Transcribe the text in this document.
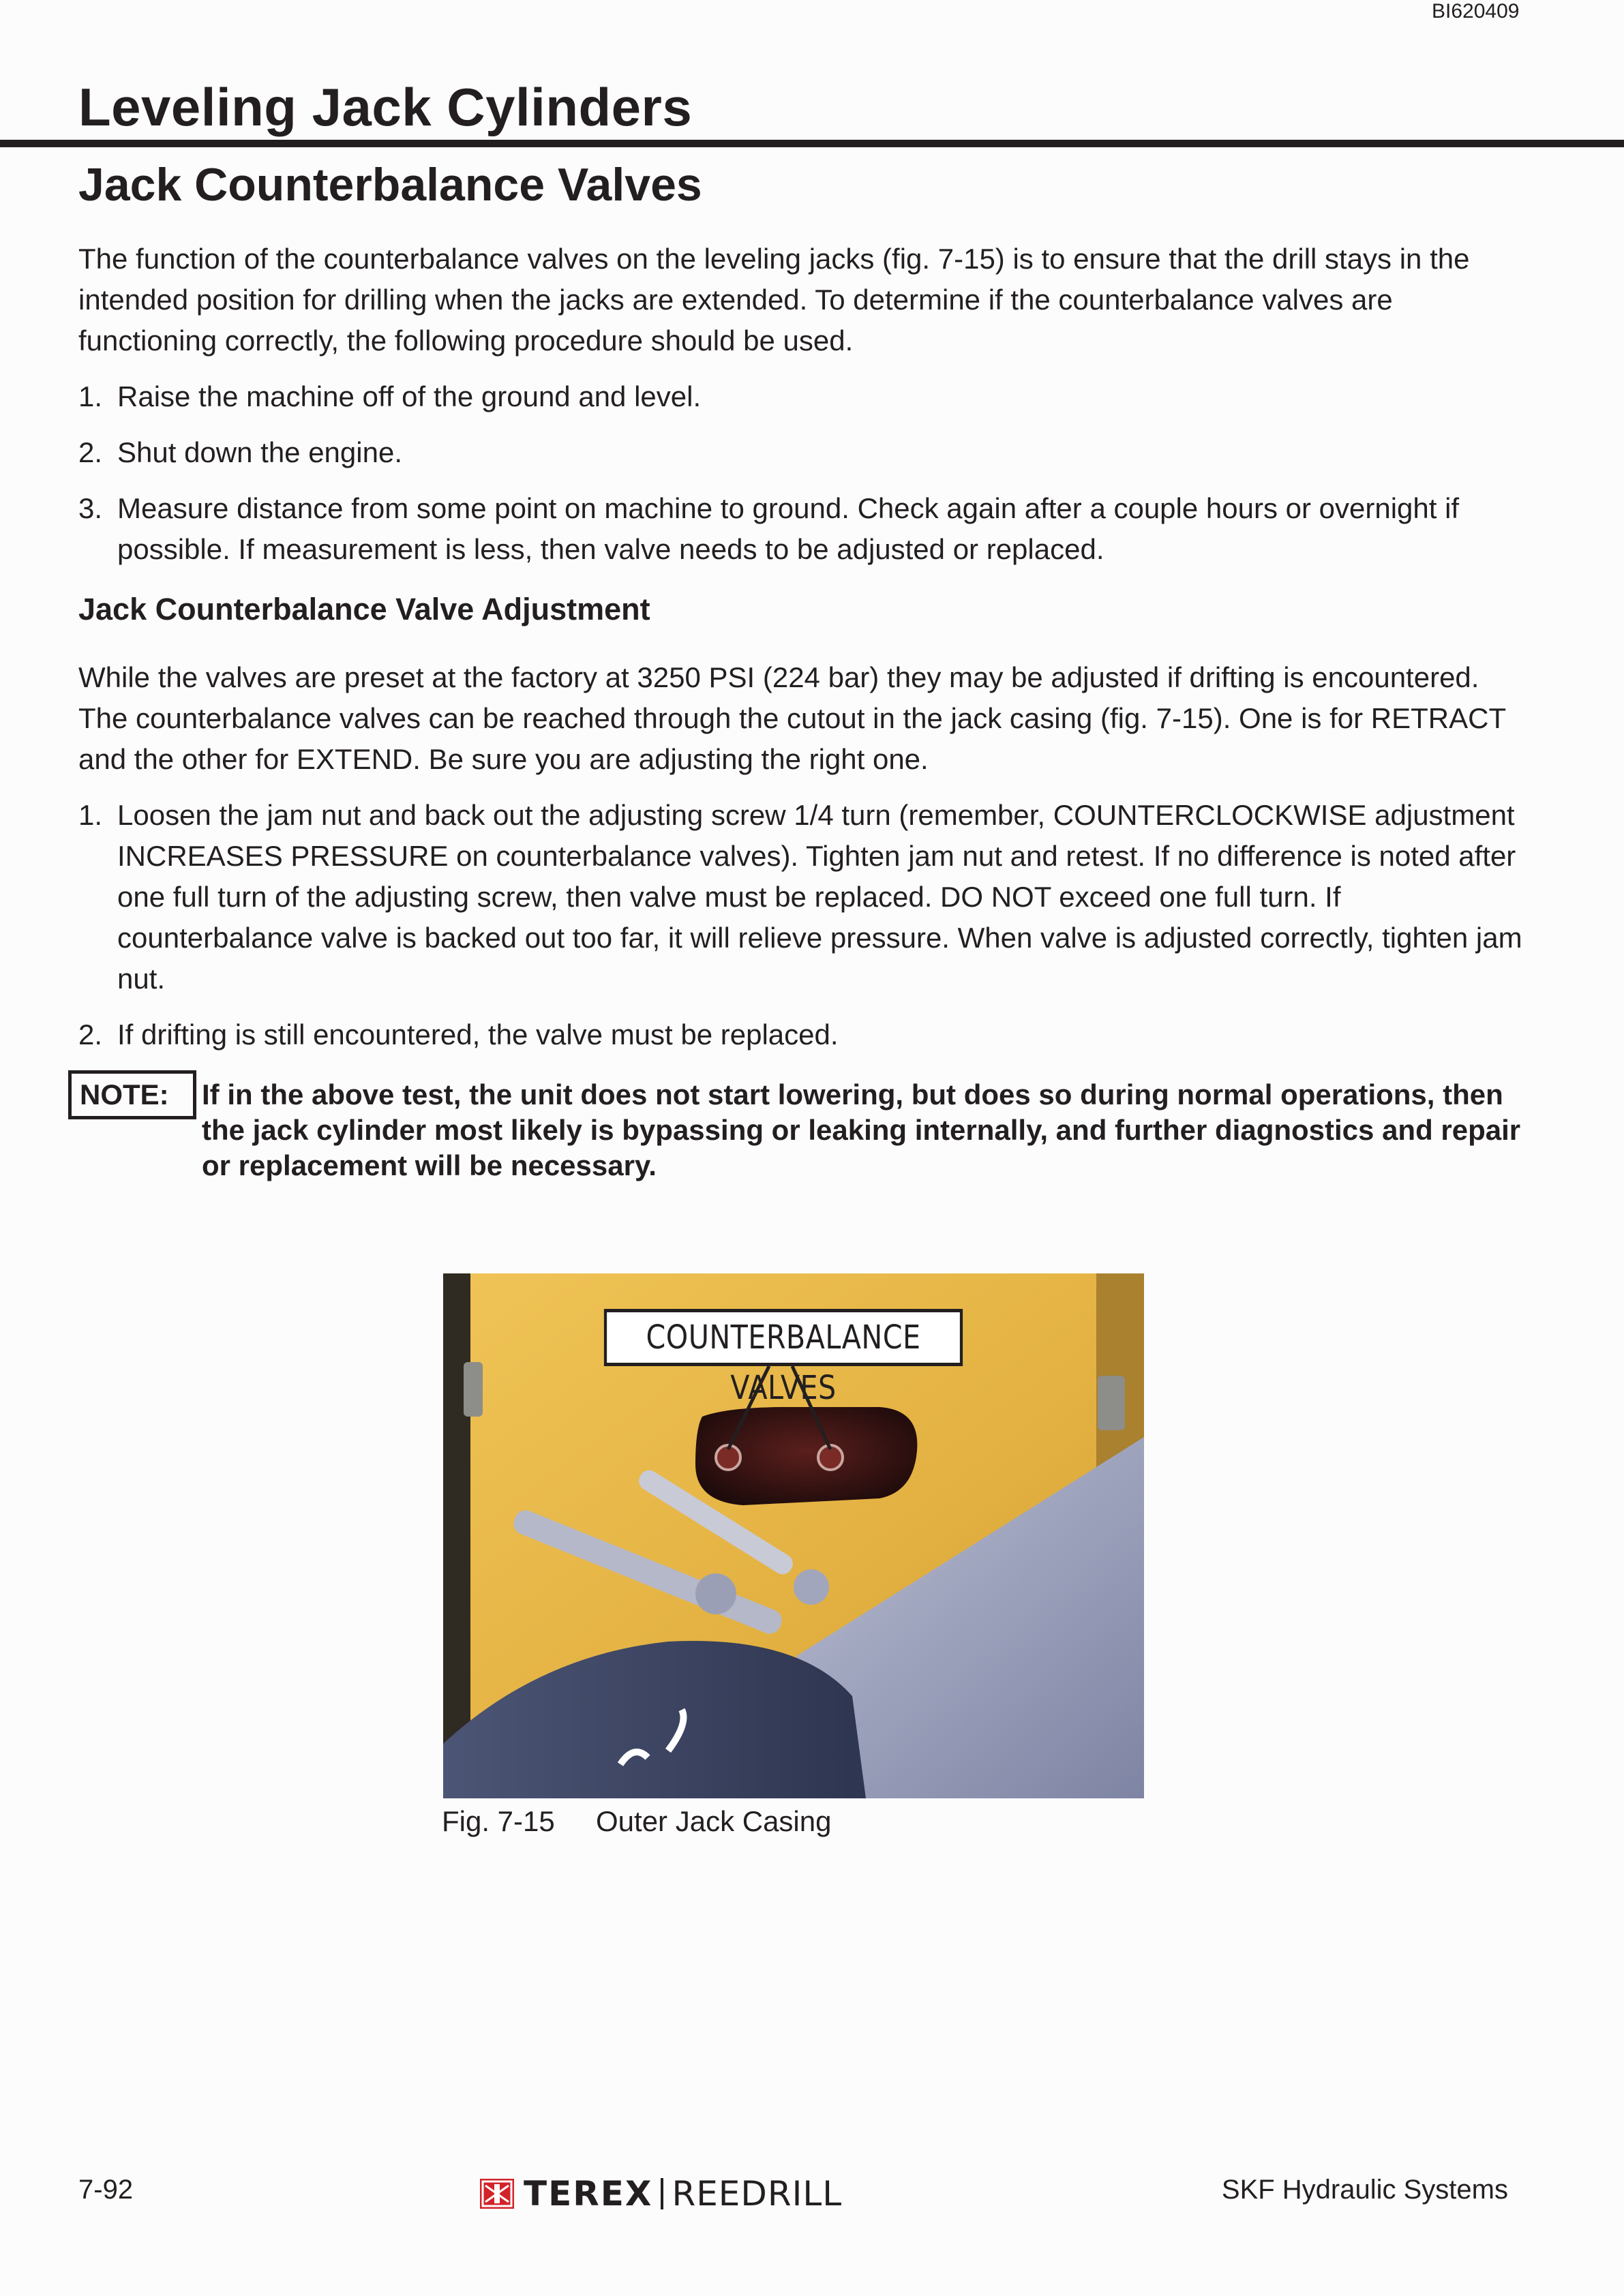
BI620409
Leveling Jack Cylinders
Jack Counterbalance Valves

The function of the counterbalance valves on the leveling jacks (fig. 7-15) is to ensure that the drill stays in the intended position for drilling when the jacks are extended. To determine if the counterbalance valves are functioning correctly, the following procedure should be used.

1. Raise the machine off of the ground and level.
2. Shut down the engine.
3. Measure distance from some point on machine to ground. Check again after a couple hours or overnight if possible. If measurement is less, then valve needs to be adjusted or replaced.
Jack Counterbalance Valve Adjustment

While the valves are preset at the factory at 3250 PSI (224 bar) they may be adjusted if drifting is encountered. The counterbalance valves can be reached through the cutout in the jack casing (fig. 7-15). One is for RETRACT and the other for EXTEND. Be sure you are adjusting the right one.

1. Loosen the jam nut and back out the adjusting screw 1/4 turn (remember, COUNTERCLOCKWISE adjustment INCREASES PRESSURE on counterbalance valves). Tighten jam nut and retest. If no difference is noted after one full turn of the adjusting screw, then valve must be replaced. DO NOT exceed one full turn. If counterbalance valve is backed out too far, it will relieve pressure. When valve is adjusted correctly, tighten jam nut.
2. If drifting is still encountered, the valve must be replaced.
NOTE:	If in the above test, the unit does not start lowering, but does so during normal operations, then the jack cylinder most likely is bypassing or leaking internally, and further diagnostics and repair or replacement will be necessary.

COUNTERBALANCE VALVES
Fig. 7-15 Outer Jack Casing
7-92	TEREX REEDRILL	SKF Hydraulic Systems
